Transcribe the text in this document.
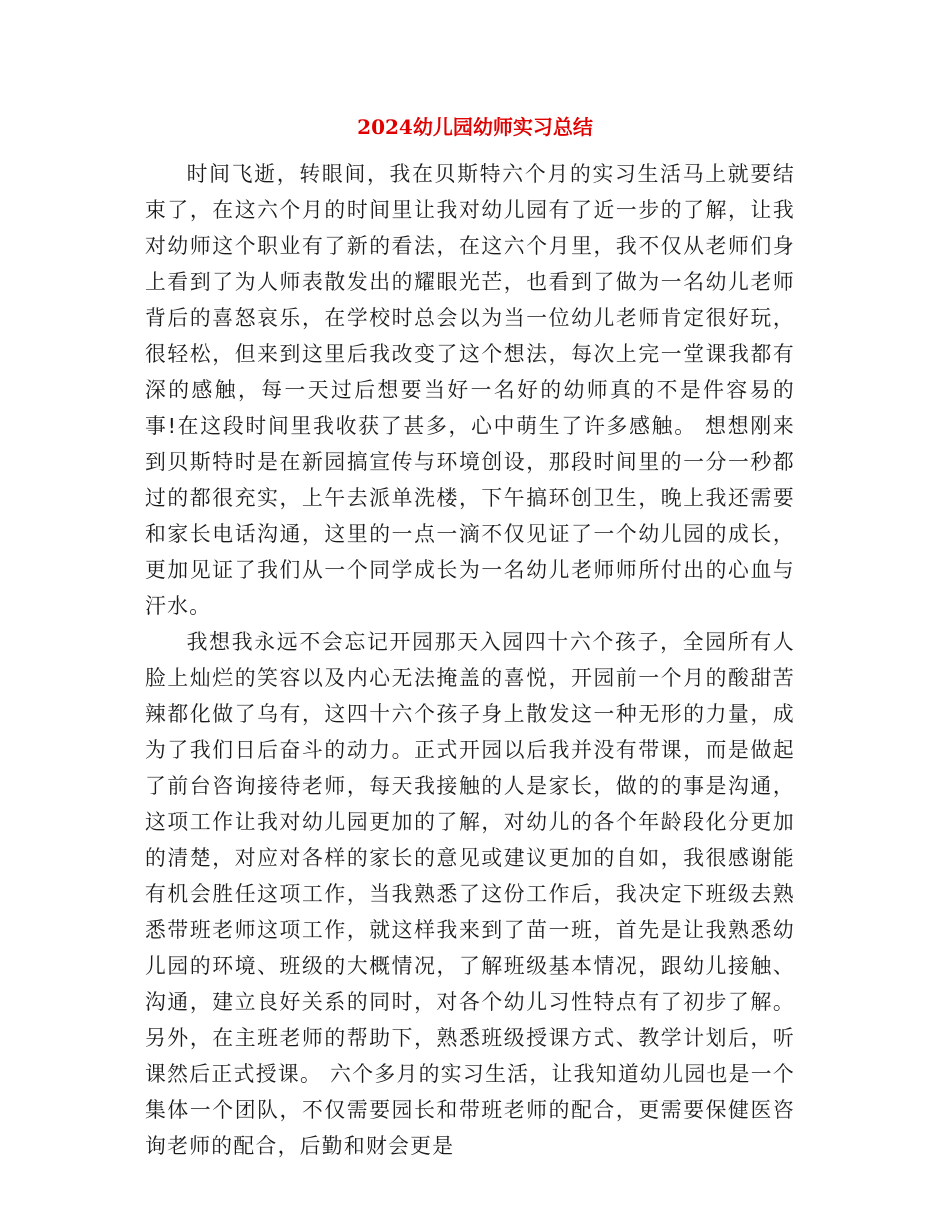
2024幼儿园幼师实习总结

时间飞逝，转眼间，我在贝斯特六个月的实习生活马上就要结束了，在这六个月的时间里让我对幼儿园有了近一步的了解，让我对幼师这个职业有了新的看法，在这六个月里，我不仅从老师们身上看到了为人师表散发出的耀眼光芒，也看到了做为一名幼儿老师背后的喜怒哀乐，在学校时总会以为当一位幼儿老师肯定很好玩，很轻松，但来到这里后我改变了这个想法，每次上完一堂课我都有深的感触，每一天过后想要当好一名好的幼师真的不是件容易的事!在这段时间里我收获了甚多，心中萌生了许多感触。 想想刚来到贝斯特时是在新园搞宣传与环境创设，那段时间里的一分一秒都过的都很充实，上午去派单洗楼，下午搞环创卫生，晚上我还需要和家长电话沟通，这里的一点一滴不仅见证了一个幼儿园的成长，更加见证了我们从一个同学成长为一名幼儿老师师所付出的心血与汗水。

我想我永远不会忘记开园那天入园四十六个孩子，全园所有人脸上灿烂的笑容以及内心无法掩盖的喜悦，开园前一个月的酸甜苦辣都化做了乌有，这四十六个孩子身上散发这一种无形的力量，成为了我们日后奋斗的动力。正式开园以后我并没有带课，而是做起了前台咨询接待老师，每天我接触的人是家长，做的的事是沟通，这项工作让我对幼儿园更加的了解，对幼儿的各个年龄段化分更加的清楚，对应对各样的家长的意见或建议更加的自如，我很感谢能有机会胜任这项工作，当我熟悉了这份工作后，我决定下班级去熟悉带班老师这项工作，就这样我来到了苗一班，首先是让我熟悉幼儿园的环境、班级的大概情况，了解班级基本情况，跟幼儿接触、沟通，建立良好关系的同时，对各个幼儿习性特点有了初步了解。另外，在主班老师的帮助下，熟悉班级授课方式、教学计划后，听课然后正式授课。 六个多月的实习生活，让我知道幼儿园也是一个集体一个团队，不仅需要园长和带班老师的配合，更需要保健医咨询老师的配合，后勤和财会更是
